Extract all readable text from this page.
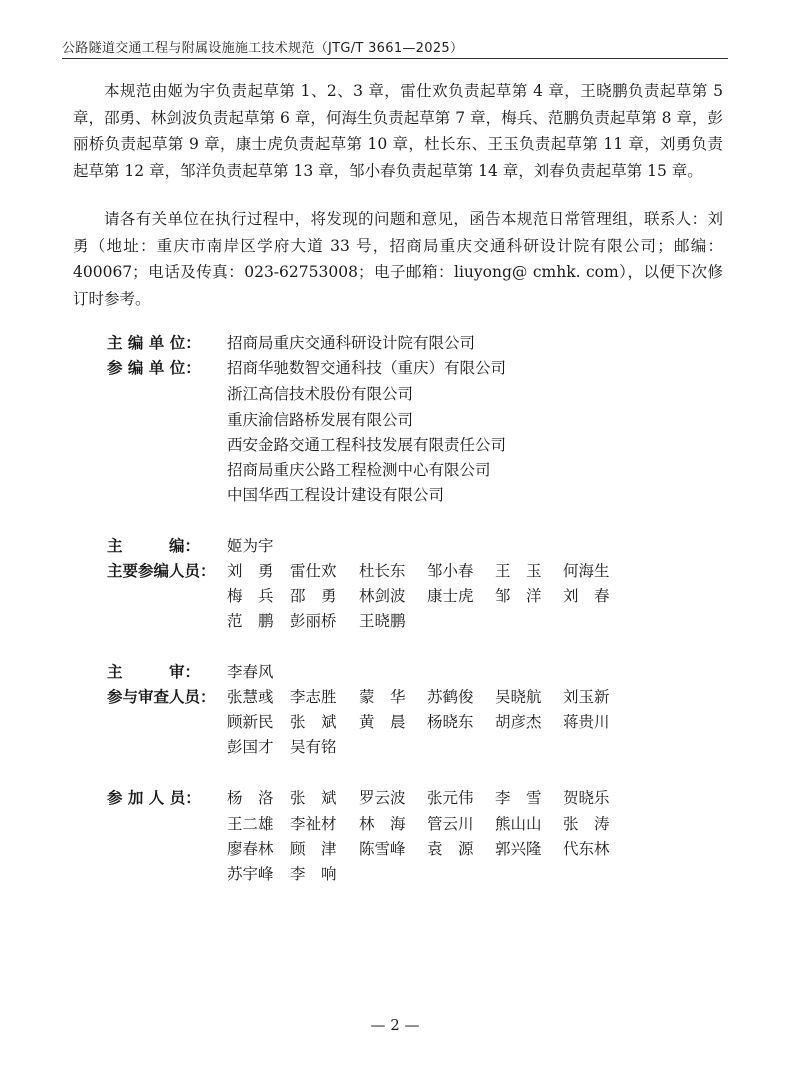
公路隧道交通工程与附属设施施工技术规范（JTG/T 3661—2025）

本规范由姬为宇负责起草第 1、2、3 章，雷仕欢负责起草第 4 章，王晓鹏负责起草第 5 章，邵勇、林剑波负责起草第 6 章，何海生负责起草第 7 章，梅兵、范鹏负责起草第 8 章，彭丽桥负责起草第 9 章，康士虎负责起草第 10 章，杜长东、王玉负责起草第 11 章，刘勇负责起草第 12 章，邹洋负责起草第 13 章，邹小春负责起草第 14 章，刘春负责起草第 15 章。

请各有关单位在执行过程中，将发现的问题和意见，函告本规范日常管理组，联系人：刘勇（地址：重庆市南岸区学府大道 33 号，招商局重庆交通科研设计院有限公司；邮编：400067；电话及传真：023-62753008；电子邮箱：liuyong@ cmhk. com），以便下次修订时参考。

主 编 单 位：	招商局重庆交通科研设计院有限公司
参 编 单 位：	招商华驰数智交通科技（重庆）有限公司
浙江高信技术股份有限公司
重庆渝信路桥发展有限公司
西安金路交通工程科技发展有限责任公司
招商局重庆公路工程检测中心有限公司
中国华西工程设计建设有限公司
主　　　编：	姬为宇
主要参编人员： 刘　勇 雷仕欢 杜长东 邹小春 王　玉 何海生
梅　兵 邵　勇 林剑波 康士虎 邹　洋 刘　春
范　鹏 彭丽桥 王晓鹏
主　　　审：	李春风
参与审查人员： 张慧彧 李志胜 蒙　华 苏鹤俊 吴晓航 刘玉新
顾新民 张　斌 黄　晨 杨晓东 胡彦杰 蒋贵川
彭国才 吴有铭
参 加 人 员：	杨　洛 张　斌 罗云波 张元伟 李　雪 贺晓乐
王二雄 李祉材 林　海 管云川 熊山山 张　涛
廖春林 顾　津 陈雪峰 袁　源 郭兴隆 代东林
苏宇峰 李　响
— 2 —
